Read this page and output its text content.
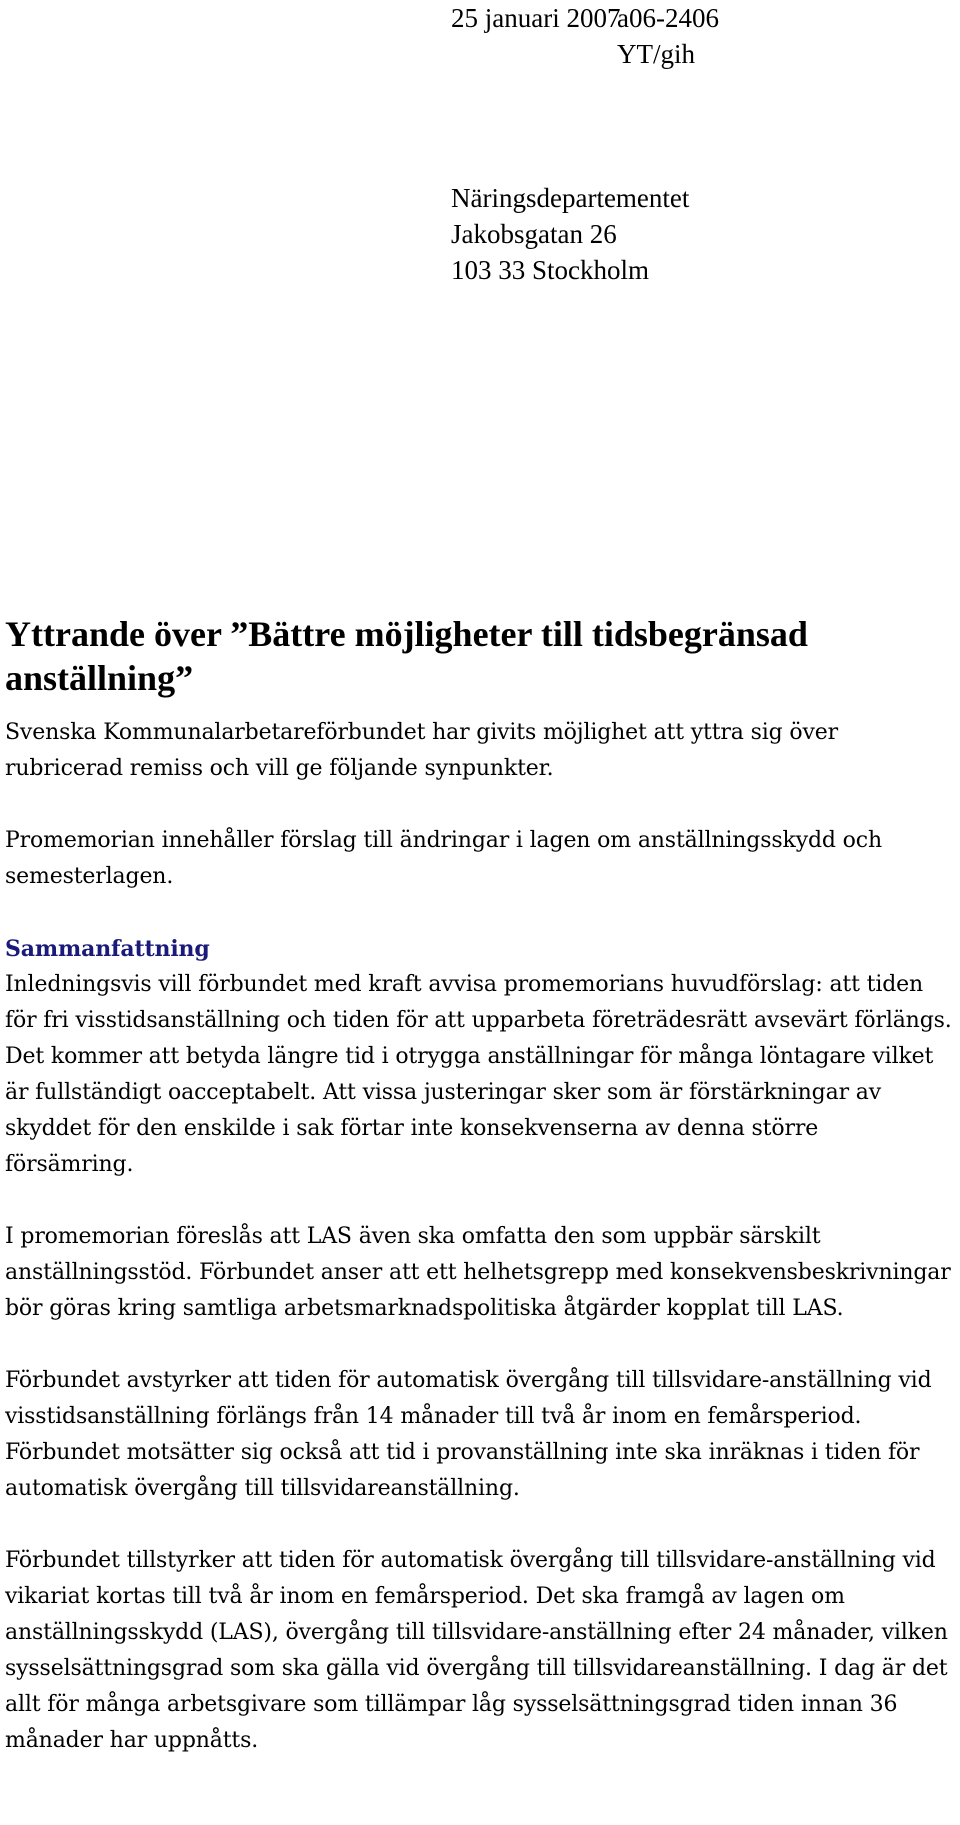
25 januari 2007
a06-2406
YT/gih
Näringsdepartementet
Jakobsgatan 26
103 33 Stockholm
Yttrande över ”Bättre möjligheter till tidsbegränsad anställning”

Svenska Kommunalarbetareförbundet har givits möjlighet att yttra sig över rubricerad remiss och vill ge följande synpunkter.

Promemorian innehåller förslag till ändringar i lagen om anställningsskydd och semesterlagen.

Sammanfattning

Inledningsvis vill förbundet med kraft avvisa promemorians huvudförslag: att tiden för fri visstidsanställning och tiden för att upparbeta företrädesrätt avsevärt förlängs. Det kommer att betyda längre tid i otrygga anställningar för många löntagare vilket är fullständigt oacceptabelt. Att vissa justeringar sker som är förstärkningar av skyddet för den enskilde i sak förtar inte konsekvenserna av denna större försämring.

I promemorian föreslås att LAS även ska omfatta den som uppbär särskilt anställningsstöd. Förbundet anser att ett helhetsgrepp med konsekvensbeskrivningar bör göras kring samtliga arbetsmarknadspolitiska åtgärder kopplat till LAS.

Förbundet avstyrker att tiden för automatisk övergång till tillsvidare-anställning vid visstidsanställning förlängs från 14 månader till två år inom en femårsperiod. Förbundet motsätter sig också att tid i provanställning inte ska inräknas i tiden för automatisk övergång till tillsvidareanställning.

Förbundet tillstyrker att tiden för automatisk övergång till tillsvidare-anställning vid vikariat kortas till två år inom en femårsperiod. Det ska framgå av lagen om anställningsskydd (LAS), övergång till tillsvidare-anställning efter 24 månader, vilken sysselsättningsgrad som ska gälla vid övergång till tillsvidareanställning. I dag är det allt för många arbetsgivare som tillämpar låg sysselsättningsgrad tiden innan 36 månader har uppnåtts.
